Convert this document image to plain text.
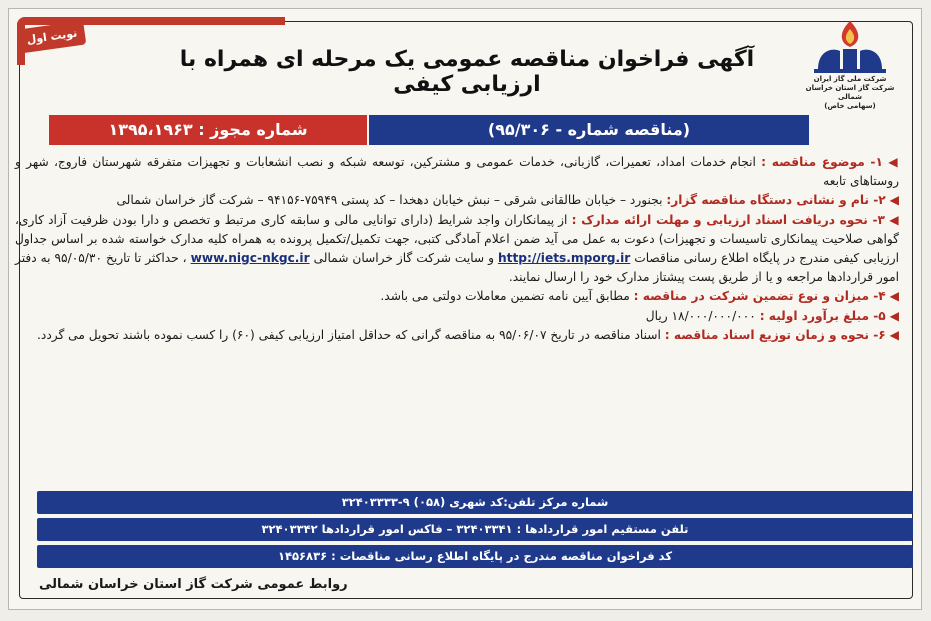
نوبت اول
شرکت ملی گاز ایران
شرکت گاز استان خراسان شمالی
(سهامی خاص)
آگهی فراخوان مناقصه عمومی یک مرحله ای همراه با ارزیابی کیفی
(مناقصه شماره - ۹۵/۳۰۶)
شماره مجوز : ۱۳۹۵،۱۹۶۳

◀ ۱- موضوع مناقصه : انجام خدمات امداد، تعمیرات، گازبانی، خدمات عمومی و مشترکین، توسعه شبکه و نصب انشعابات و تجهیزات متفرقه شهرستان فاروج، شهر و روستاهای تابعه

◀ ۲- نام و نشانی دستگاه مناقصه گزار: بجنورد – خیابان طالقانی شرقی – نبش خیابان دهخدا – کد پستی ۷۵۹۴۹-۹۴۱۵۶ – شرکت گاز خراسان شمالی

◀ ۳- نحوه دریافت اسناد ارزیابی و مهلت ارائه مدارک : از پیمانکاران واجد شرایط (دارای توانایی مالی و سابقه کاری مرتبط و تخصص و دارا بودن ظرفیت آزاد کاری، گواهی صلاحیت پیمانکاری تاسیسات و تجهیزات) دعوت به عمل می آید ضمن اعلام آمادگی کتبی، جهت تکمیل/تکمیل پرونده به همراه کلیه مدارک خواسته شده بر اساس جداول ارزیابی کیفی مندرج در پایگاه اطلاع رسانی مناقصات http://iets.mporg.ir و سایت شرکت گاز خراسان شمالی www.nigc-nkgc.ir ، حداکثر تا تاریخ ۹۵/۰۵/۳۰ به دفتر امور قراردادها مراجعه و یا از طریق پست پیشتاز مدارک خود را ارسال نمایند.

◀ ۴- میزان و نوع تضمین شرکت در مناقصه : مطابق آیین نامه تضمین معاملات دولتی می باشد.

◀ ۵- مبلغ برآورد اولیه : ۱۸/۰۰۰/۰۰۰/۰۰۰ ریال

◀ ۶- نحوه و زمان توزیع اسناد مناقصه : اسناد مناقصه در تاریخ ۹۵/۰۶/۰۷ به مناقصه گرانی که حداقل امتیاز ارزیابی کیفی (۶۰) را کسب نموده باشند تحویل می گردد.

شماره مرکز تلفن:کد شهری (۰۵۸) ۹-۳۲۴۰۳۳۳۳
تلفن مستقیم امور قراردادها : ۳۲۴۰۳۳۴۱ – فاکس امور قراردادها ۳۲۴۰۳۳۴۲
کد فراخوان مناقصه مندرج در پایگاه اطلاع رسانی مناقصات : ۱۴۵۶۸۳۶
روابط عمومی شرکت گاز استان خراسان شمالی
